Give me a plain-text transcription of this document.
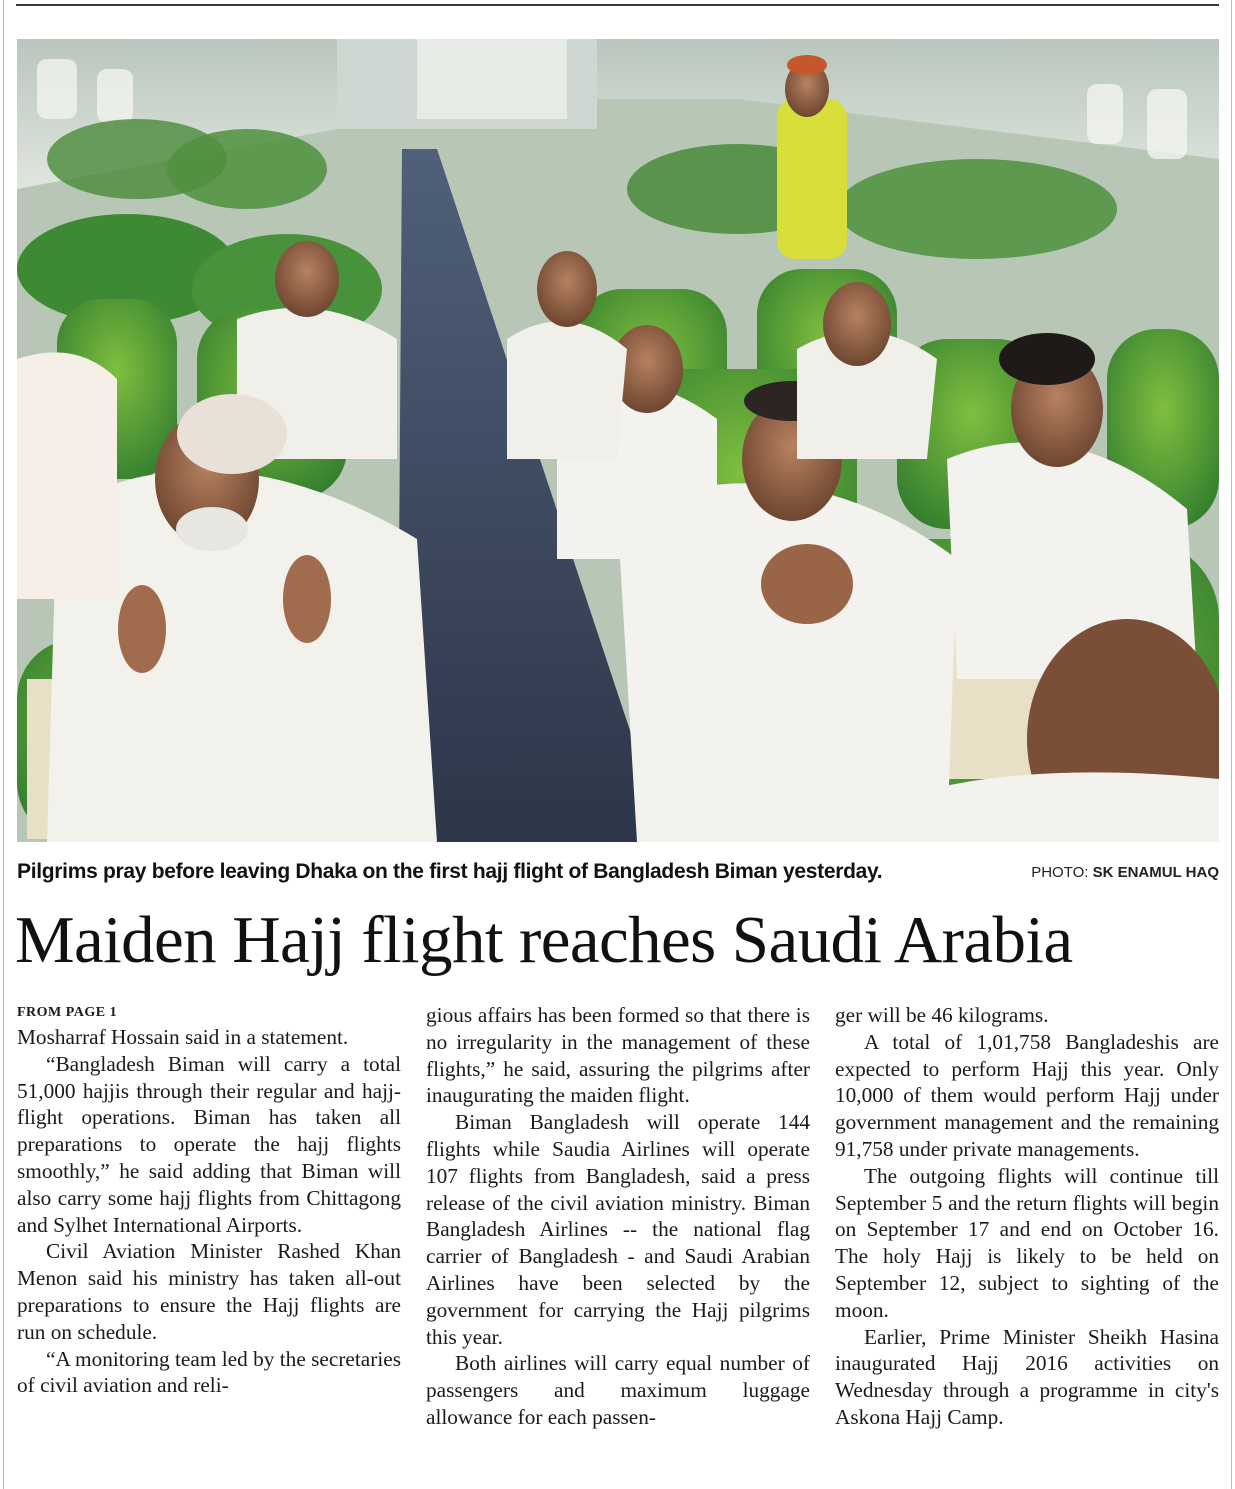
Pilgrims pray before leaving Dhaka on the first hajj flight of Bangladesh Biman yesterday.	PHOTO: SK ENAMUL HAQ
Maiden Hajj flight reaches Saudi Arabia
FROM PAGE 1

Mosharraf Hossain said in a statement.

“Bangladesh Biman will carry a total 51,000 hajjis through their regular and hajj-flight operations. Biman has taken all preparations to operate the hajj flights smoothly,” he said adding that Biman will also carry some hajj flights from Chittagong and Sylhet International Airports.

Civil Aviation Minister Rashed Khan Menon said his ministry has taken all-out preparations to ensure the Hajj flights are run on schedule.

“A monitoring team led by the secretaries of civil aviation and reli-

gious affairs has been formed so that there is no irregularity in the management of these flights,” he said, assuring the pilgrims after inaugurating the maiden flight.

Biman Bangladesh will operate 144 flights while Saudia Airlines will operate 107 flights from Bangladesh, said a press release of the civil aviation ministry. Biman Bangladesh Airlines -- the national flag carrier of Bangladesh - and Saudi Arabian Airlines have been selected by the government for carrying the Hajj pilgrims this year.

Both airlines will carry equal number of passengers and maximum luggage allowance for each passen-

ger will be 46 kilograms.

A total of 1,01,758 Bangladeshis are expected to perform Hajj this year. Only 10,000 of them would perform Hajj under government management and the remaining 91,758 under private managements.

The outgoing flights will continue till September 5 and the return flights will begin on September 17 and end on October 16. The holy Hajj is likely to be held on September 12, subject to sighting of the moon.

Earlier, Prime Minister Sheikh Hasina inaugurated Hajj 2016 activities on Wednesday through a programme in city's Askona Hajj Camp.
